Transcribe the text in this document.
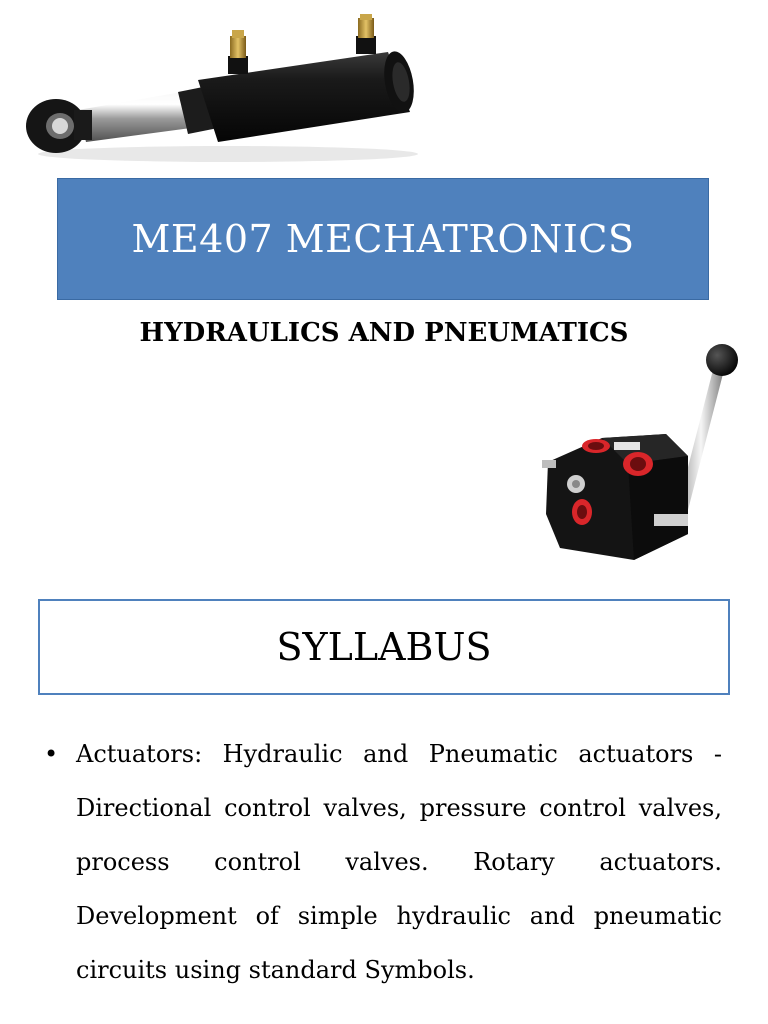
ME407 MECHATRONICS
HYDRAULICS AND PNEUMATICS
SYLLABUS
• Actuators: Hydraulic and Pneumatic actuators - Directional control valves, pressure control valves, process control valves. Rotary actuators. Development of simple hydraulic and pneumatic circuits using standard Symbols.
